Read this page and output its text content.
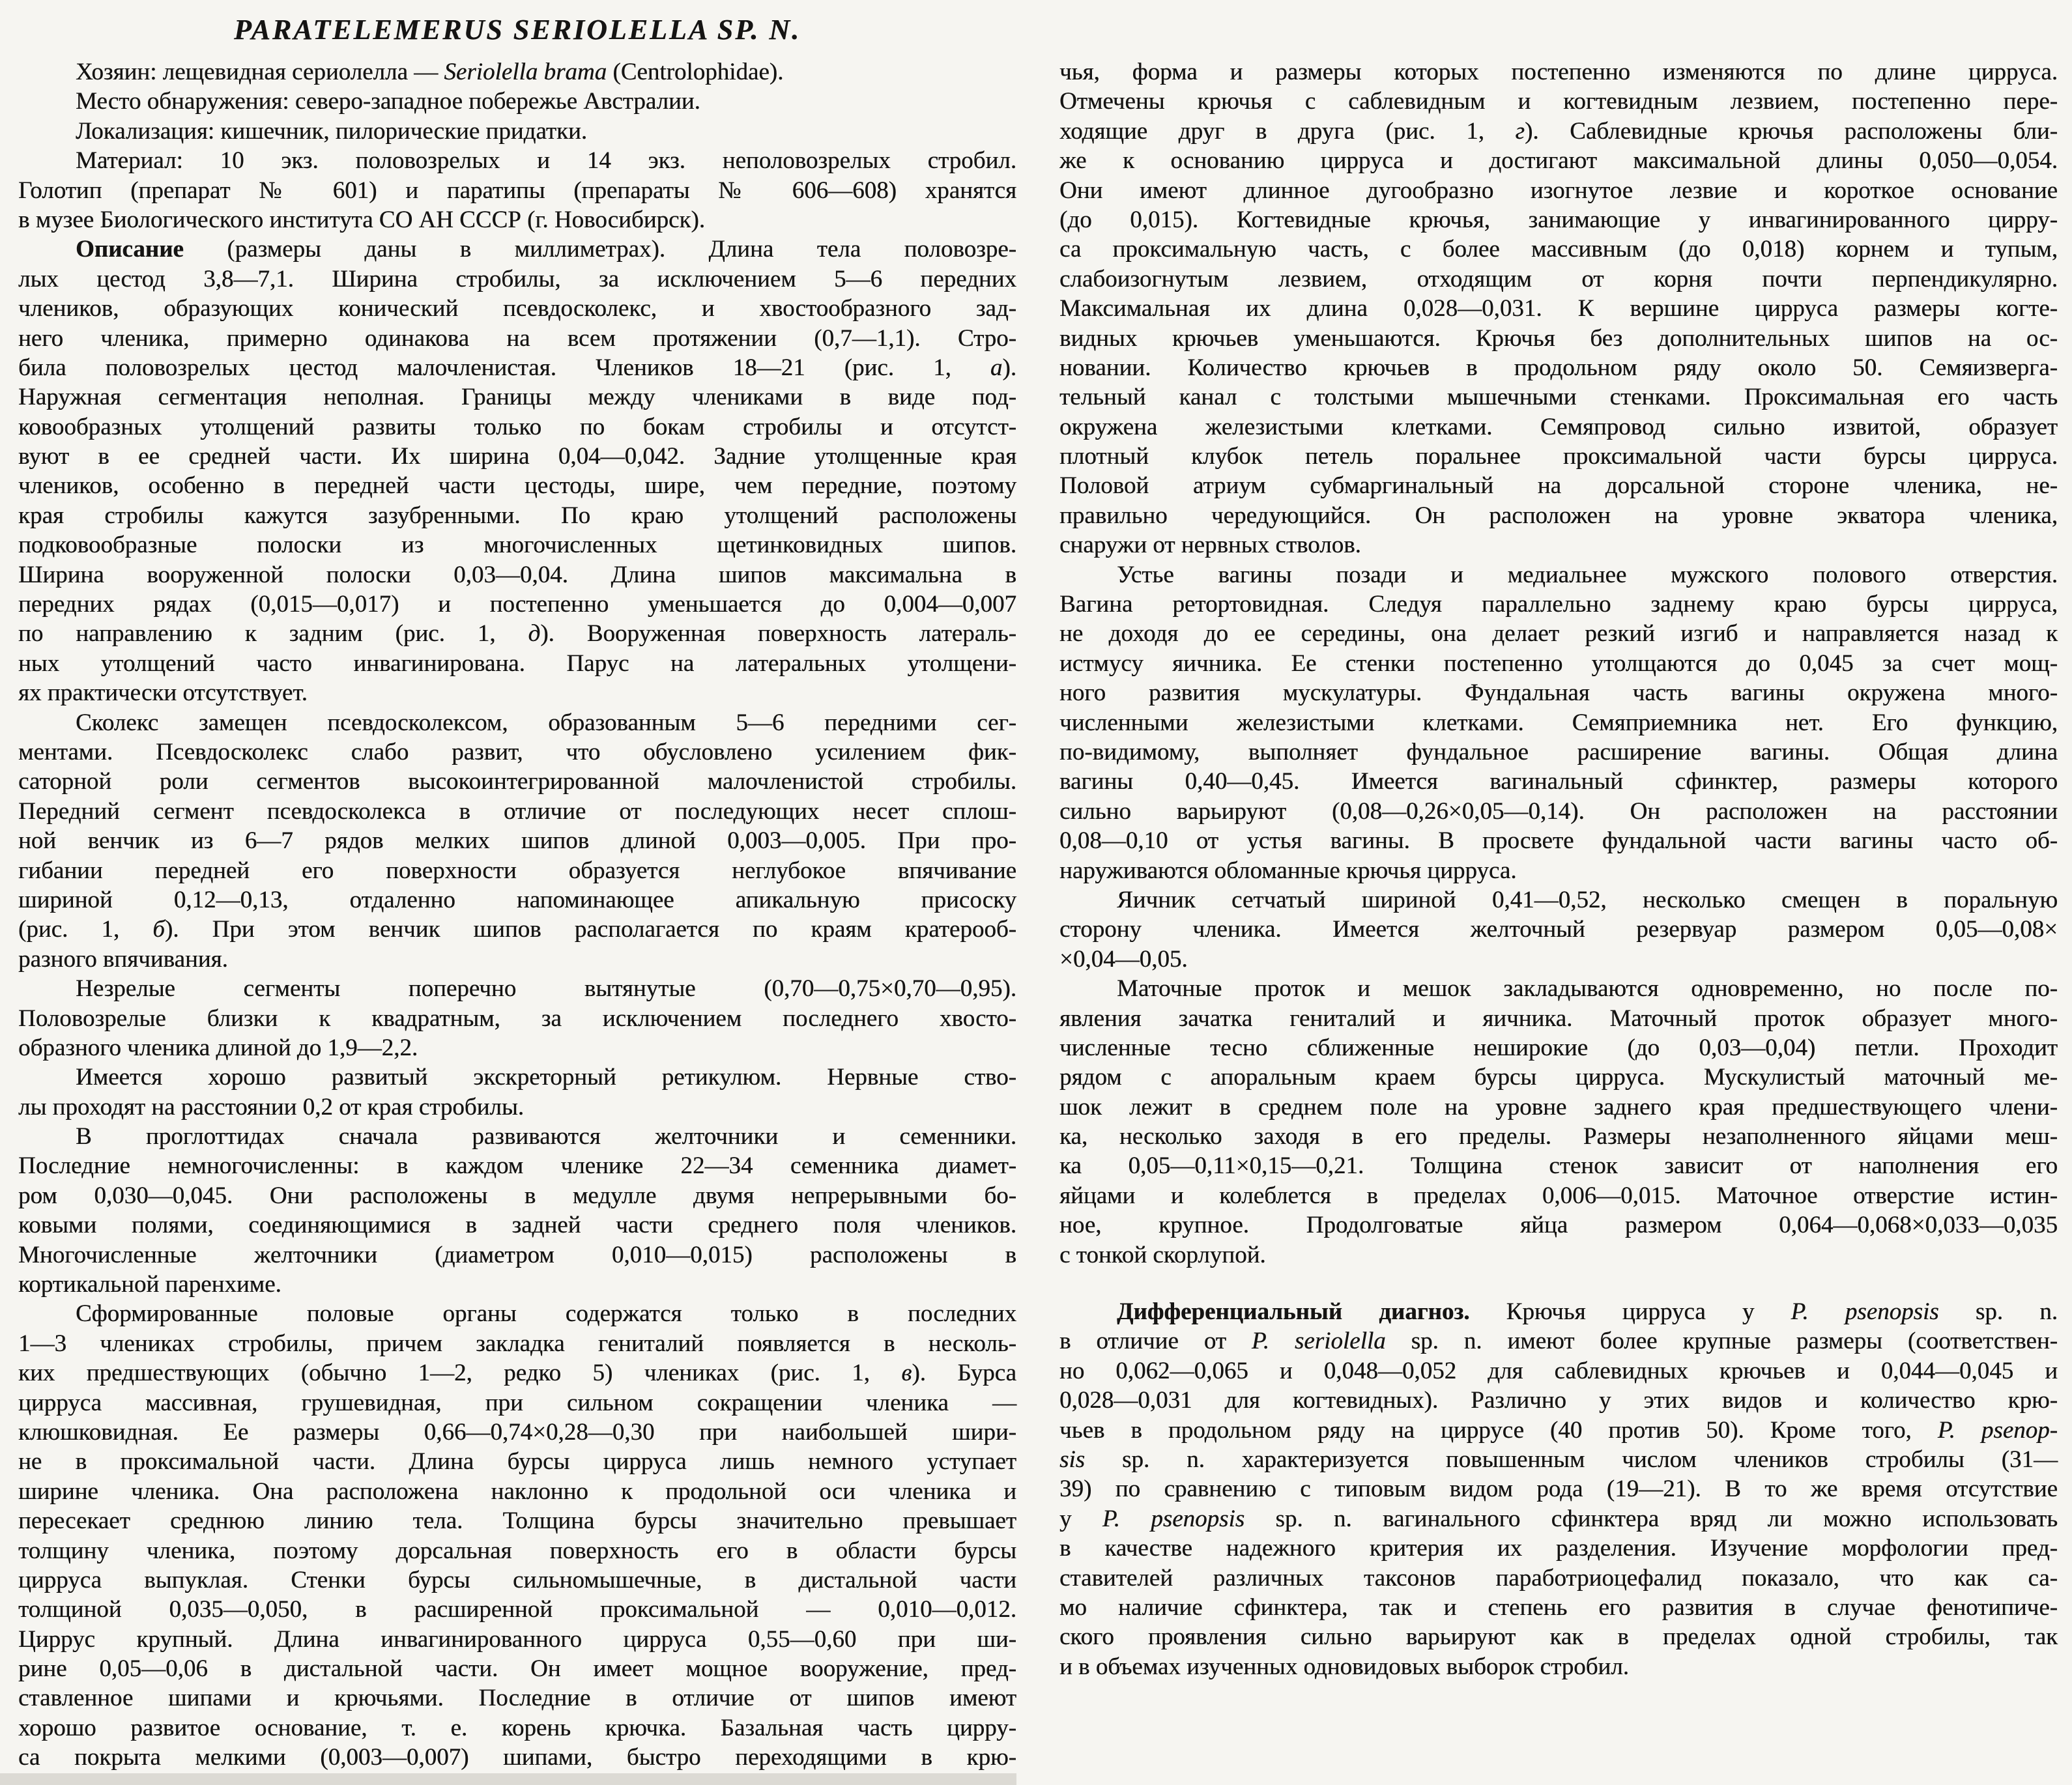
PARATELEMERUS SERIOLELLA SP. N.
Хозяин: лещевидная сериолелла — Seriolella brama (Centrolophidae).
Место обнаружения: северо-западное побережье Австралии.
Локализация: кишечник, пилорические придатки.
Материал: 10 экз. половозрелых и 14 экз. неполовозрелых стробил.
Голотип (препарат № 601) и паратипы (препараты № 606—608) хранятся
в музее Биологического института СО АН СССР (г. Новосибирск).
Описание (размеры даны в миллиметрах). Длина тела половозре-
лых цестод 3,8—7,1. Ширина стробилы, за исключением 5—6 передних
члеников, образующих конический псевдосколекс, и хвостообразного зад-
него членика, примерно одинакова на всем протяжении (0,7—1,1). Стро-
била половозрелых цестод малочленистая. Члеников 18—21 (рис. 1, а).
Наружная сегментация неполная. Границы между члениками в виде под-
ковообразных утолщений развиты только по бокам стробилы и отсутст-
вуют в ее средней части. Их ширина 0,04—0,042. Задние утолщенные края
члеников, особенно в передней части цестоды, шире, чем передние, поэтому
края стробилы кажутся зазубренными. По краю утолщений расположены
подковообразные полоски из многочисленных щетинковидных шипов.
Ширина вооруженной полоски 0,03—0,04. Длина шипов максимальна в
передних рядах (0,015—0,017) и постепенно уменьшается до 0,004—0,007
по направлению к задним (рис. 1, д). Вооруженная поверхность латераль-
ных утолщений часто инвагинирована. Парус на латеральных утолщени-
ях практически отсутствует.
Сколекс замещен псевдосколексом, образованным 5—6 передними сег-
ментами. Псевдосколекс слабо развит, что обусловлено усилением фик-
саторной роли сегментов высокоинтегрированной малочленистой стробилы.
Передний сегмент псевдосколекса в отличие от последующих несет сплош-
ной венчик из 6—7 рядов мелких шипов длиной 0,003—0,005. При про-
гибании передней его поверхности образуется неглубокое впячивание
шириной 0,12—0,13, отдаленно напоминающее апикальную присоску
(рис. 1, б). При этом венчик шипов располагается по краям кратерооб-
разного впячивания.
Незрелые сегменты поперечно вытянутые (0,70—0,75×0,70—0,95).
Половозрелые близки к квадратным, за исключением последнего хвосто-
образного членика длиной до 1,9—2,2.
Имеется хорошо развитый экскреторный ретикулюм. Нервные ство-
лы проходят на расстоянии 0,2 от края стробилы.
В проглоттидах сначала развиваются желточники и семенники.
Последние немногочисленны: в каждом членике 22—34 семенника диамет-
ром 0,030—0,045. Они расположены в медулле двумя непрерывными бо-
ковыми полями, соединяющимися в задней части среднего поля члеников.
Многочисленные желточники (диаметром 0,010—0,015) расположены в
кортикальной паренхиме.
Сформированные половые органы содержатся только в последних
1—3 члениках стробилы, причем закладка гениталий появляется в несколь-
ких предшествующих (обычно 1—2, редко 5) члениках (рис. 1, в). Бурса
цирруса массивная, грушевидная, при сильном сокращении членика —
клюшковидная. Ее размеры 0,66—0,74×0,28—0,30 при наибольшей шири-
не в проксимальной части. Длина бурсы цирруса лишь немного уступает
ширине членика. Она расположена наклонно к продольной оси членика и
пересекает среднюю линию тела. Толщина бурсы значительно превышает
толщину членика, поэтому дорсальная поверхность его в области бурсы
цирруса выпуклая. Стенки бурсы сильномышечные, в дистальной части
толщиной 0,035—0,050, в расширенной проксимальной — 0,010—0,012.
Циррус крупный. Длина инвагинированного цирруса 0,55—0,60 при ши-
рине 0,05—0,06 в дистальной части. Он имеет мощное вооружение, пред-
ставленное шипами и крючьями. Последние в отличие от шипов имеют
хорошо развитое основание, т. е. корень крючка. Базальная часть цирру-
са покрыта мелкими (0,003—0,007) шипами, быстро переходящими в крю-
чья, форма и размеры которых постепенно изменяются по длине цирруса.
Отмечены крючья с саблевидным и когтевидным лезвием, постепенно пере-
ходящие друг в друга (рис. 1, г). Саблевидные крючья расположены бли-
же к основанию цирруса и достигают максимальной длины 0,050—0,054.
Они имеют длинное дугообразно изогнутое лезвие и короткое основание
(до 0,015). Когтевидные крючья, занимающие у инвагинированного цирру-
са проксимальную часть, с более массивным (до 0,018) корнем и тупым,
слабоизогнутым лезвием, отходящим от корня почти перпендикулярно.
Максимальная их длина 0,028—0,031. К вершине цирруса размеры когте-
видных крючьев уменьшаются. Крючья без дополнительных шипов на ос-
новании. Количество крючьев в продольном ряду около 50. Семяизверга-
тельный канал с толстыми мышечными стенками. Проксимальная его часть
окружена железистыми клетками. Семяпровод сильно извитой, образует
плотный клубок петель поральнее проксимальной части бурсы цирруса.
Половой атриум субмаргинальный на дорсальной стороне членика, не-
правильно чередующийся. Он расположен на уровне экватора членика,
снаружи от нервных стволов.
Устье вагины позади и медиальнее мужского полового отверстия.
Вагина ретортовидная. Следуя параллельно заднему краю бурсы цирруса,
не доходя до ее середины, она делает резкий изгиб и направляется назад к
истмусу яичника. Ее стенки постепенно утолщаются до 0,045 за счет мощ-
ного развития мускулатуры. Фундальная часть вагины окружена много-
численными железистыми клетками. Семяприемника нет. Его функцию,
по-видимому, выполняет фундальное расширение вагины. Общая длина
вагины 0,40—0,45. Имеется вагинальный сфинктер, размеры которого
сильно варьируют (0,08—0,26×0,05—0,14). Он расположен на расстоянии
0,08—0,10 от устья вагины. В просвете фундальной части вагины часто об-
наруживаются обломанные крючья цирруса.
Яичник сетчатый шириной 0,41—0,52, несколько смещен в поральную
сторону членика. Имеется желточный резервуар размером 0,05—0,08×
×0,04—0,05.
Маточные проток и мешок закладываются одновременно, но после по-
явления зачатка гениталий и яичника. Маточный проток образует много-
численные тесно сближенные неширокие (до 0,03—0,04) петли. Проходит
рядом с апоральным краем бурсы цирруса. Мускулистый маточный ме-
шок лежит в среднем поле на уровне заднего края предшествующего члени-
ка, несколько заходя в его пределы. Размеры незаполненного яйцами меш-
ка 0,05—0,11×0,15—0,21. Толщина стенок зависит от наполнения его
яйцами и колеблется в пределах 0,006—0,015. Маточное отверстие истин-
ное, крупное. Продолговатые яйца размером 0,064—0,068×0,033—0,035
с тонкой скорлупой.
Дифференциальный диагноз. Крючья цирруса у P. psenopsis sp. n.
в отличие от P. seriolella sp. n. имеют более крупные размеры (соответствен-
но 0,062—0,065 и 0,048—0,052 для саблевидных крючьев и 0,044—0,045 и
0,028—0,031 для когтевидных). Различно у этих видов и количество крю-
чьев в продольном ряду на циррусе (40 против 50). Кроме того, P. psenop-
sis sp. n. характеризуется повышенным числом члеников стробилы (31—
39) по сравнению с типовым видом рода (19—21). В то же время отсутствие
у P. psenopsis sp. n. вагинального сфинктера вряд ли можно использовать
в качестве надежного критерия их разделения. Изучение морфологии пред-
ставителей различных таксонов паработриоцефалид показало, что как са-
мо наличие сфинктера, так и степень его развития в случае фенотипиче-
ского проявления сильно варьируют как в пределах одной стробилы, так
и в объемах изученных одновидовых выборок стробил.
